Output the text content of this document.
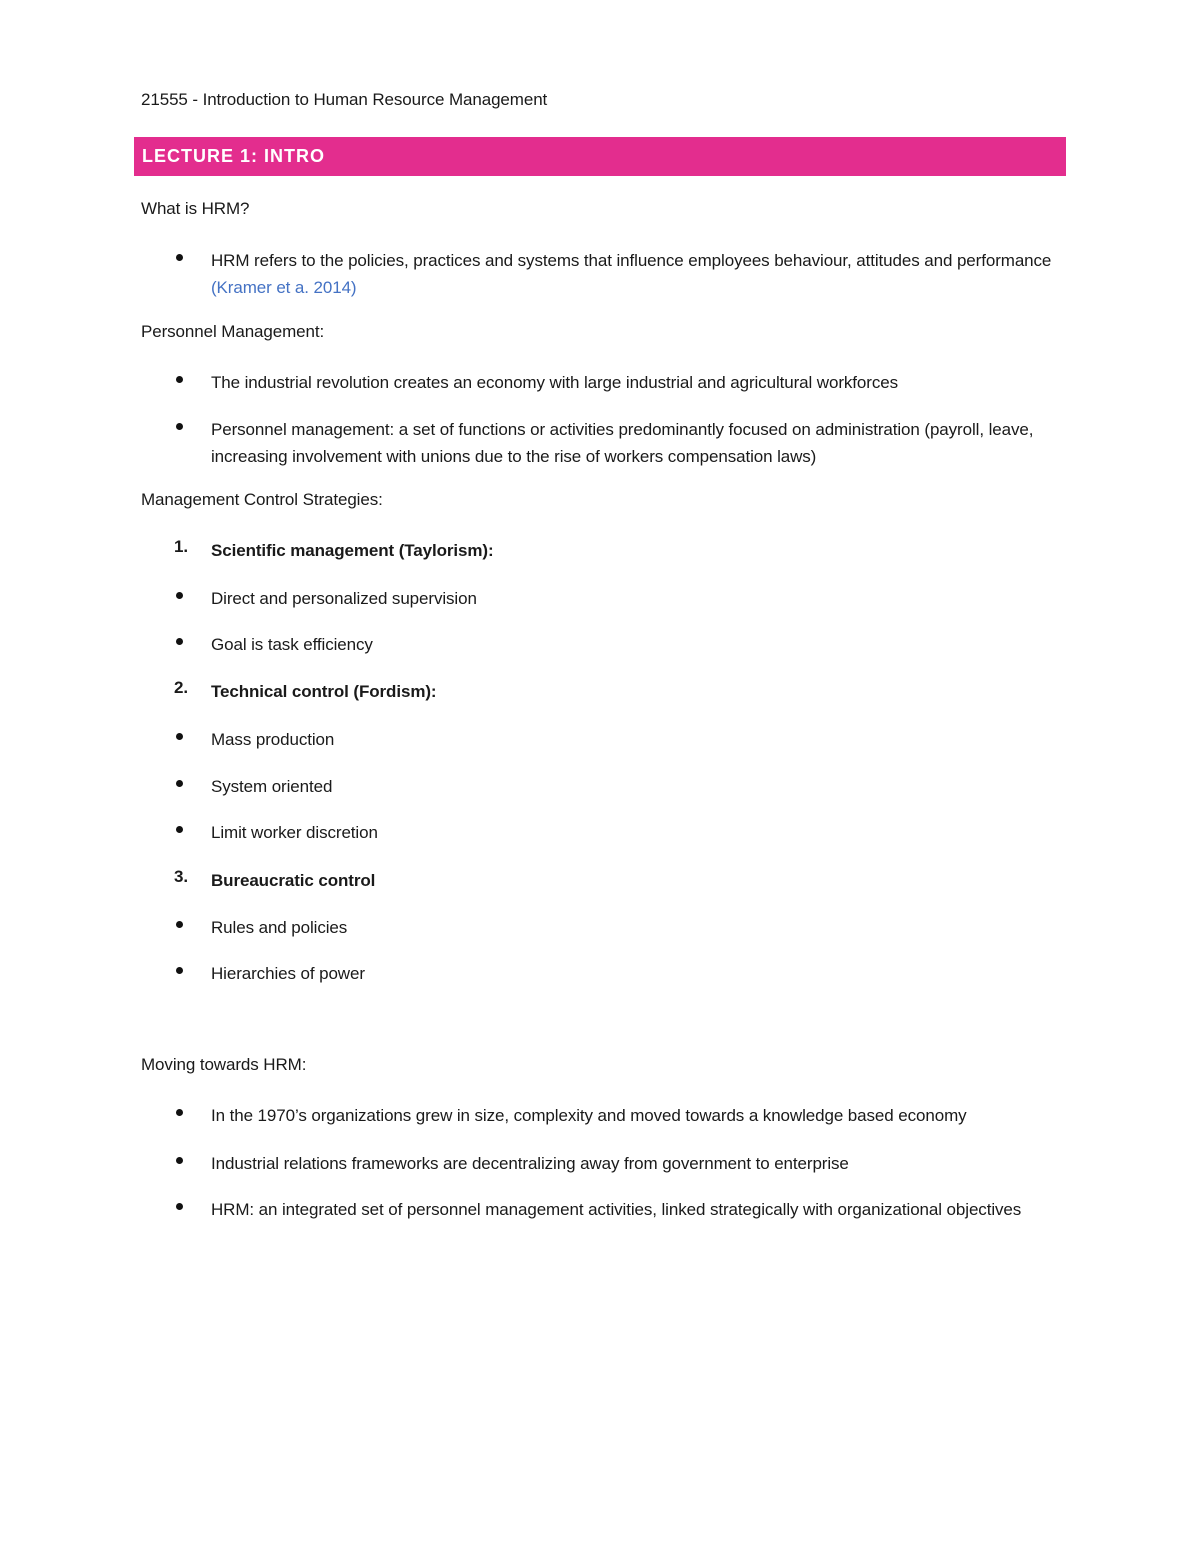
21555 - Introduction to Human Resource Management
LECTURE 1: INTRO
What is HRM?
HRM refers to the policies, practices and systems that influence employees behaviour, attitudes and performance (Kramer et a. 2014)
Personnel Management:
The industrial revolution creates an economy with large industrial and agricultural workforces
Personnel management: a set of functions or activities predominantly focused on administration (payroll, leave, increasing involvement with unions due to the rise of workers compensation laws)
Management Control Strategies:
1. Scientific management (Taylorism):
Direct and personalized supervision
Goal is task efficiency
2. Technical control (Fordism):
Mass production
System oriented
Limit worker discretion
3. Bureaucratic control
Rules and policies
Hierarchies of power
Moving towards HRM:
In the 1970’s organizations grew in size, complexity and moved towards a knowledge based economy
Industrial relations frameworks are decentralizing away from government to enterprise
HRM: an integrated set of personnel management activities, linked strategically with organizational objectives
